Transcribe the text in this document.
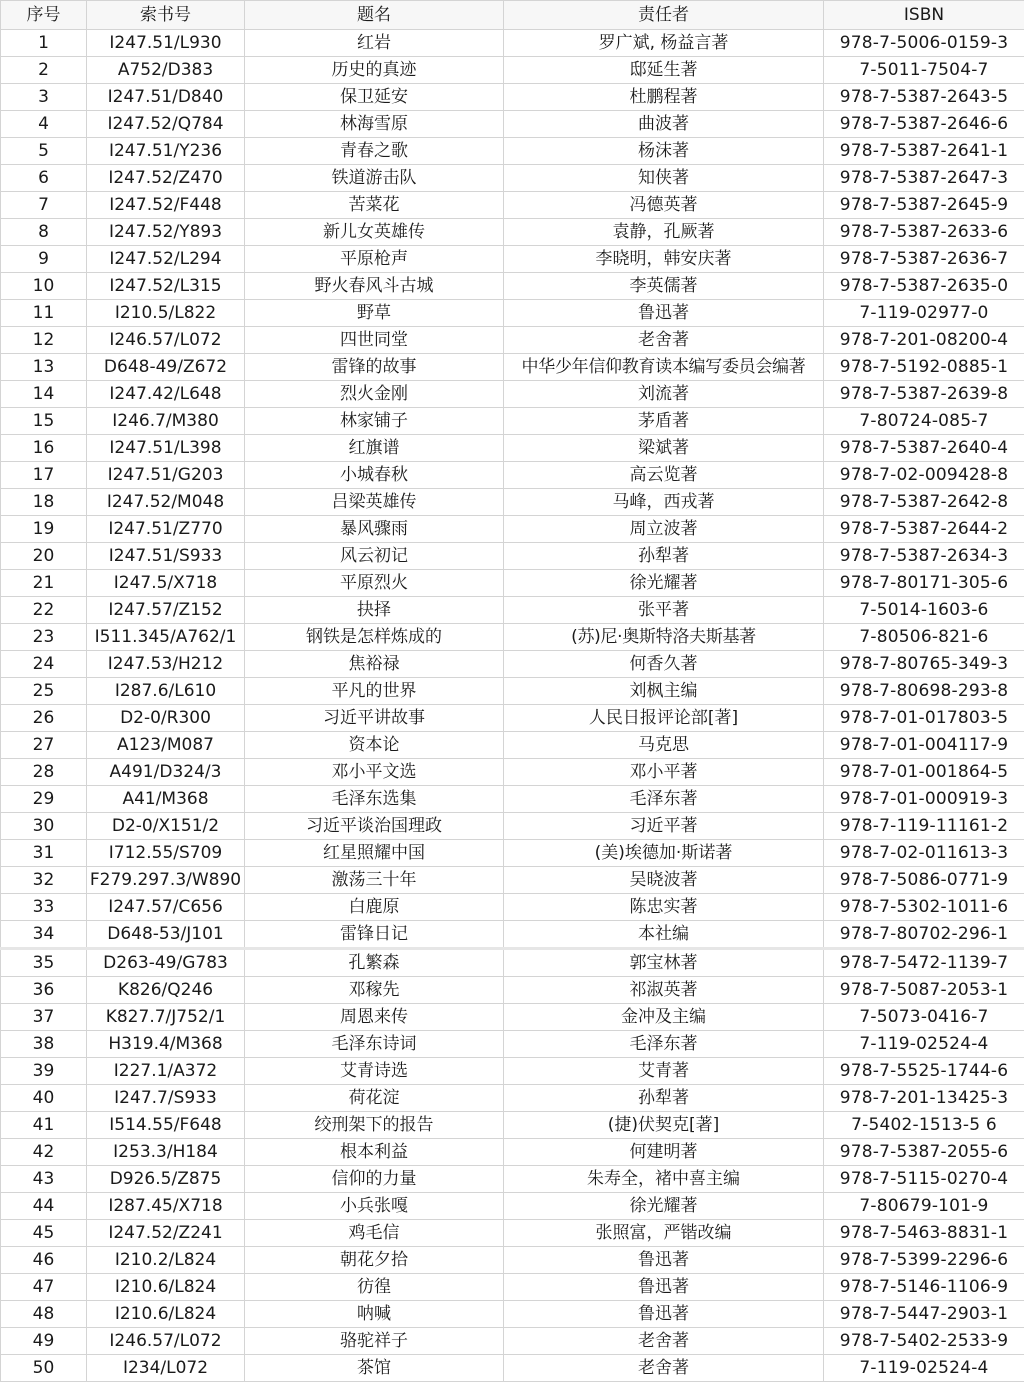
序号	索书号	题名	责任者	ISBN
1	I247.51/L930	红岩	罗广斌, 杨益言著	978-7-5006-0159-3
2	A752/D383	历史的真迹	邸延生著	7-5011-7504-7
3	I247.51/D840	保卫延安	杜鹏程著	978-7-5387-2643-5
4	I247.52/Q784	林海雪原	曲波著	978-7-5387-2646-6
5	I247.51/Y236	青春之歌	杨沫著	978-7-5387-2641-1
6	I247.52/Z470	铁道游击队	知侠著	978-7-5387-2647-3
7	I247.52/F448	苦菜花	冯德英著	978-7-5387-2645-9
8	I247.52/Y893	新儿女英雄传	袁静，孔厥著	978-7-5387-2633-6
9	I247.52/L294	平原枪声	李晓明，韩安庆著	978-7-5387-2636-7
10	I247.52/L315	野火春风斗古城	李英儒著	978-7-5387-2635-0
11	I210.5/L822	野草	鲁迅著	7-119-02977-0
12	I246.57/L072	四世同堂	老舍著	978-7-201-08200-4
13	D648-49/Z672	雷锋的故事	中华少年信仰教育读本编写委员会编著	978-7-5192-0885-1
14	I247.42/L648	烈火金刚	刘流著	978-7-5387-2639-8
15	I246.7/M380	林家铺子	茅盾著	7-80724-085-7
16	I247.51/L398	红旗谱	梁斌著	978-7-5387-2640-4
17	I247.51/G203	小城春秋	高云览著	978-7-02-009428-8
18	I247.52/M048	吕梁英雄传	马峰，西戎著	978-7-5387-2642-8
19	I247.51/Z770	暴风骤雨	周立波著	978-7-5387-2644-2
20	I247.51/S933	风云初记	孙犁著	978-7-5387-2634-3
21	I247.5/X718	平原烈火	徐光耀著	978-7-80171-305-6
22	I247.57/Z152	抉择	张平著	7-5014-1603-6
23	I511.345/A762/1	钢铁是怎样炼成的	(苏)尼·奥斯特洛夫斯基著	7-80506-821-6
24	I247.53/H212	焦裕禄	何香久著	978-7-80765-349-3
25	I287.6/L610	平凡的世界	刘枫主编	978-7-80698-293-8
26	D2-0/R300	习近平讲故事	人民日报评论部[著]	978-7-01-017803-5
27	A123/M087	资本论	马克思	978-7-01-004117-9
28	A491/D324/3	邓小平文选	邓小平著	978-7-01-001864-5
29	A41/M368	毛泽东选集	毛泽东著	978-7-01-000919-3
30	D2-0/X151/2	习近平谈治国理政	习近平著	978-7-119-11161-2
31	I712.55/S709	红星照耀中国	(美)埃德加·斯诺著	978-7-02-011613-3
32	F279.297.3/W890	激荡三十年	吴晓波著	978-7-5086-0771-9
33	I247.57/C656	白鹿原	陈忠实著	978-7-5302-1011-6
34	D648-53/J101	雷锋日记	本社编	978-7-80702-296-1
35	D263-49/G783	孔繁森	郭宝林著	978-7-5472-1139-7
36	K826/Q246	邓稼先	祁淑英著	978-7-5087-2053-1
37	K827.7/J752/1	周恩来传	金冲及主编	7-5073-0416-7
38	H319.4/M368	毛泽东诗词	毛泽东著	7-119-02524-4
39	I227.1/A372	艾青诗选	艾青著	978-7-5525-1744-6
40	I247.7/S933	荷花淀	孙犁著	978-7-201-13425-3
41	I514.55/F648	绞刑架下的报告	(捷)伏契克[著]	7-5402-1513-5 6
42	I253.3/H184	根本利益	何建明著	978-7-5387-2055-6
43	D926.5/Z875	信仰的力量	朱寿全，褚中喜主编	978-7-5115-0270-4
44	I287.45/X718	小兵张嘎	徐光耀著	7-80679-101-9
45	I247.52/Z241	鸡毛信	张照富，严锴改编	978-7-5463-8831-1
46	I210.2/L824	朝花夕拾	鲁迅著	978-7-5399-2296-6
47	I210.6/L824	彷徨	鲁迅著	978-7-5146-1106-9
48	I210.6/L824	呐喊	鲁迅著	978-7-5447-2903-1
49	I246.57/L072	骆驼祥子	老舍著	978-7-5402-2533-9
50	I234/L072	茶馆	老舍著	7-119-02524-4
